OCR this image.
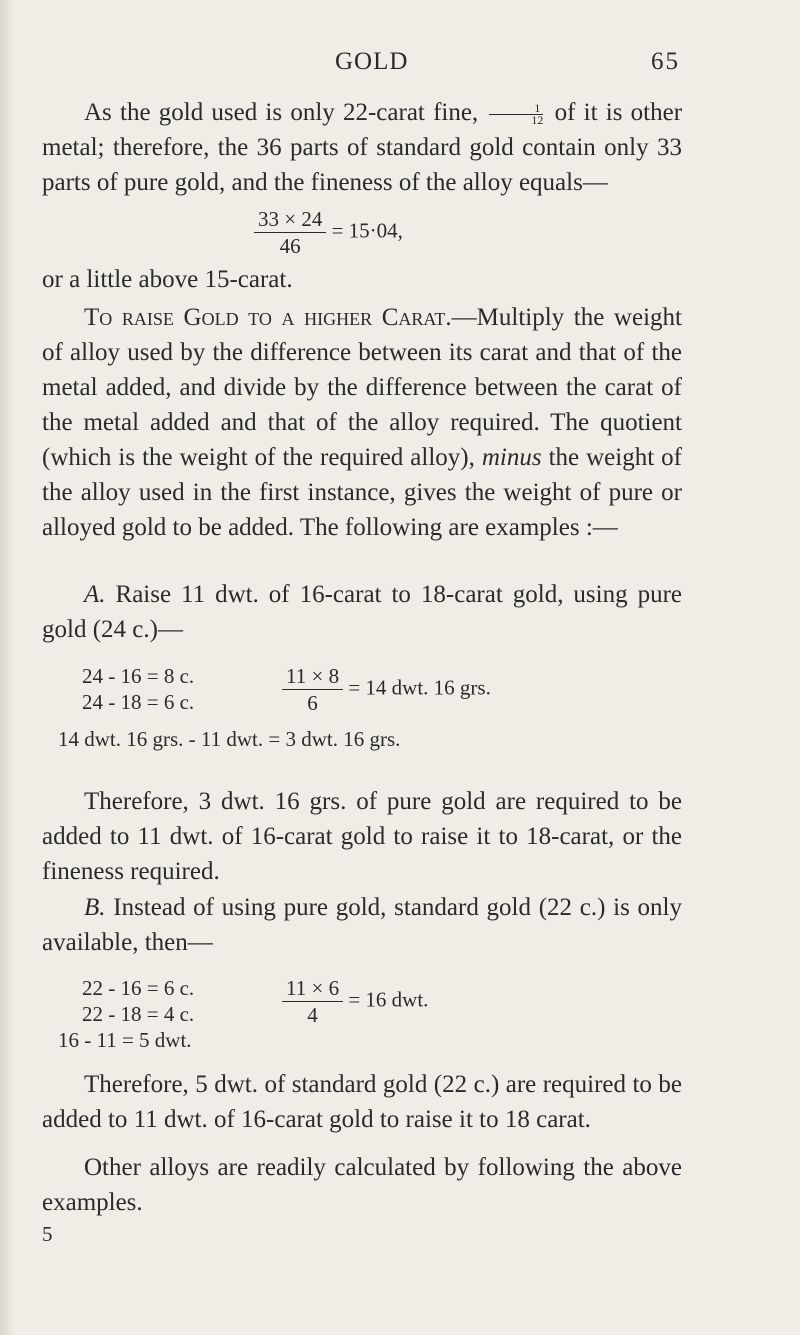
GOLD	65

As the gold used is only 22-carat fine, $\frac{1}{12}$ of it is other metal; therefore, the 36 parts of standard gold contain only 33 parts of pure gold, and the fineness of the alloy equals—

$\frac{33 \times 24}{46} = 15\cdot 04$,

or a little above 15-carat.

To raise Gold to a higher Carat.—Multiply the weight of alloy used by the difference between its carat and that of the metal added, and divide by the difference between the carat of the metal added and that of the alloy required. The quotient (which is the weight of the required alloy), minus the weight of the alloy used in the first instance, gives the weight of pure or alloyed gold to be added. The following are examples :—

A. Raise 11 dwt. of 16-carat to 18-carat gold, using pure gold (24 c.)—

24 - 16 = 8 c.
24 - 18 = 6 c.	$\frac{11 \times 8}{6} = 14$ dwt. 16 grs.
14 dwt. 16 grs. - 11 dwt. = 3 dwt. 16 grs.

Therefore, 3 dwt. 16 grs. of pure gold are required to be added to 11 dwt. of 16-carat gold to raise it to 18-carat, or the fineness required.

B. Instead of using pure gold, standard gold (22 c.) is only available, then—

22 - 16 = 6 c.
22 - 18 = 4 c.	$\frac{11 \times 6}{4} = 16$ dwt.
16 - 11 = 5 dwt.

Therefore, 5 dwt. of standard gold (22 c.) are required to be added to 11 dwt. of 16-carat gold to raise it to 18 carat.

Other alloys are readily calculated by following the above examples.

5
